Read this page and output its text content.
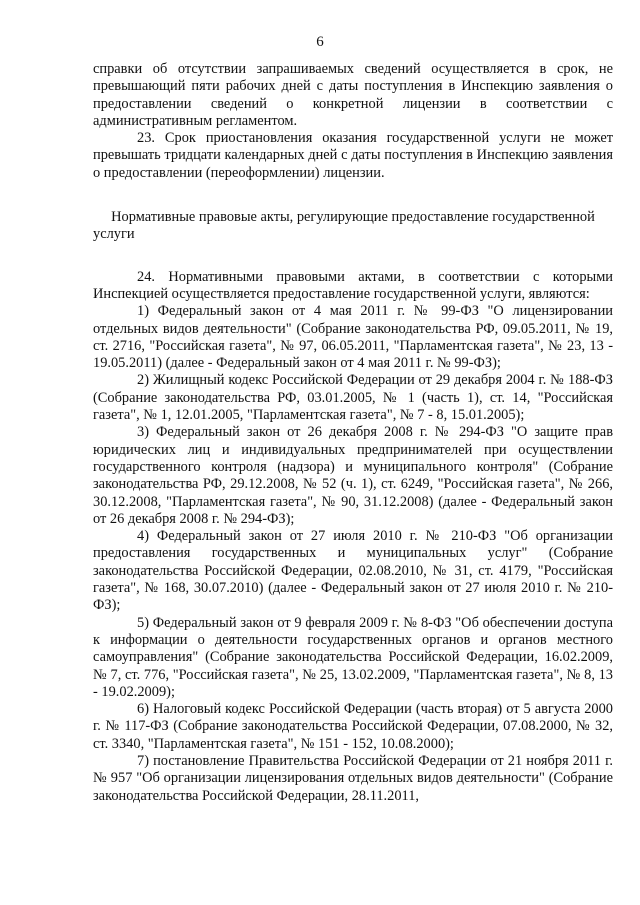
6

справки об отсутствии запрашиваемых сведений осуществляется в срок, не превышающий пяти рабочих дней с даты поступления в Инспекцию заявления о предоставлении сведений о конкретной лицензии в соответствии с административным регламентом.

23. Срок приостановления оказания государственной услуги не может превышать тридцати календарных дней с даты поступления в Инспекцию заявления о предоставлении (переоформлении) лицензии.

Нормативные правовые акты, регулирующие предоставление государственной услуги

24. Нормативными правовыми актами, в соответствии с которыми Инспекцией осуществляется предоставление государственной услуги, являются:

1) Федеральный закон от 4 мая 2011 г. № 99-ФЗ "О лицензировании отдельных видов деятельности" (Собрание законодательства РФ, 09.05.2011, № 19, ст. 2716, "Российская газета", № 97, 06.05.2011, "Парламентская газета", № 23, 13 - 19.05.2011) (далее - Федеральный закон от 4 мая 2011 г. № 99-ФЗ);

2) Жилищный кодекс Российской Федерации от 29 декабря 2004 г. № 188-ФЗ (Собрание законодательства РФ, 03.01.2005, № 1 (часть 1), ст. 14, "Российская газета", № 1, 12.01.2005, "Парламентская газета", № 7 - 8, 15.01.2005);

3) Федеральный закон от 26 декабря 2008 г. № 294-ФЗ "О защите прав юридических лиц и индивидуальных предпринимателей при осуществлении государственного контроля (надзора) и муниципального контроля" (Собрание законодательства РФ, 29.12.2008, № 52 (ч. 1), ст. 6249, "Российская газета", № 266, 30.12.2008, "Парламентская газета", № 90, 31.12.2008) (далее - Федеральный закон от 26 декабря 2008 г. № 294-ФЗ);

4) Федеральный закон от 27 июля 2010 г. № 210-ФЗ "Об организации предоставления государственных и муниципальных услуг" (Собрание законодательства Российской Федерации, 02.08.2010, № 31, ст. 4179, "Российская газета", № 168, 30.07.2010) (далее - Федеральный закон от 27 июля 2010 г. № 210-ФЗ);

5) Федеральный закон от 9 февраля 2009 г. № 8-ФЗ "Об обеспечении доступа к информации о деятельности государственных органов и органов местного самоуправления" (Собрание законодательства Российской Федерации, 16.02.2009, № 7, ст. 776, "Российская газета", № 25, 13.02.2009, "Парламентская газета", № 8, 13 - 19.02.2009);

6) Налоговый кодекс Российской Федерации (часть вторая) от 5 августа 2000 г. № 117-ФЗ (Собрание законодательства Российской Федерации, 07.08.2000, № 32, ст. 3340, "Парламентская газета", № 151 - 152, 10.08.2000);

7) постановление Правительства Российской Федерации от 21 ноября 2011 г. № 957 "Об организации лицензирования отдельных видов деятельности" (Собрание законодательства Российской Федерации, 28.11.2011,
